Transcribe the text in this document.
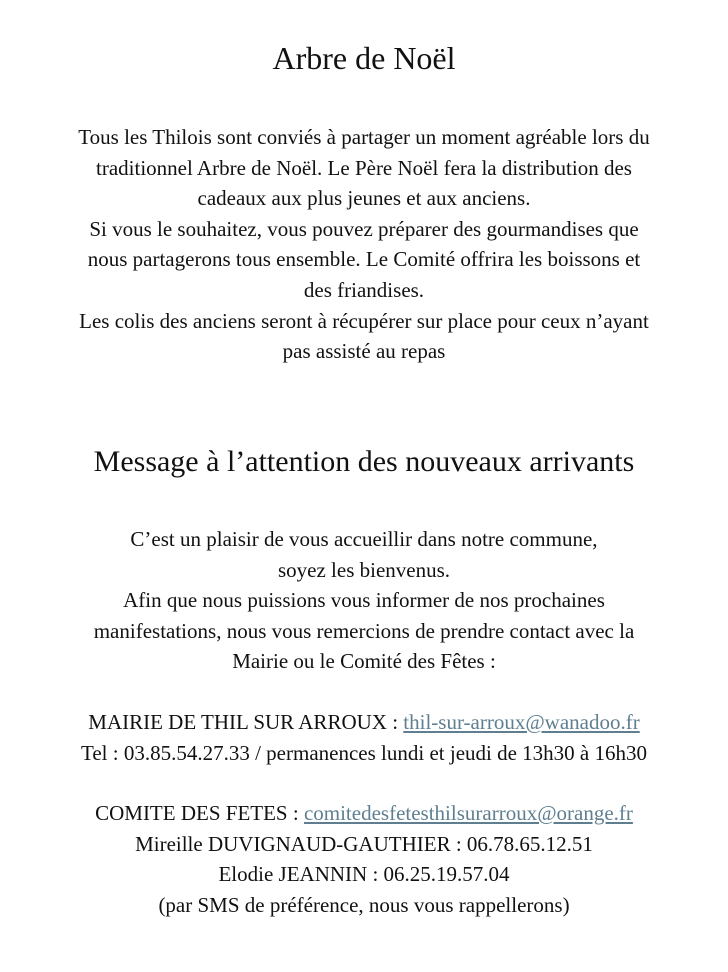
Arbre de Noël
Tous les Thilois sont conviés à partager un moment agréable lors du
traditionnel Arbre de Noël. Le Père Noël fera la distribution des
cadeaux aux plus jeunes et aux anciens.
Si vous le souhaitez, vous pouvez préparer des gourmandises que
nous partagerons tous ensemble. Le Comité offrira les boissons et
des friandises.
Les colis des anciens seront à récupérer sur place pour ceux n’ayant
pas assisté au repas
Message à l’attention des nouveaux arrivants
C’est un plaisir de vous accueillir dans notre commune,
soyez les bienvenus.
Afin que nous puissions vous informer de nos prochaines
manifestations, nous vous remercions de prendre contact avec la
Mairie ou le Comité des Fêtes :
MAIRIE DE THIL SUR ARROUX : thil-sur-arroux@wanadoo.fr
Tel : 03.85.54.27.33 / permanences lundi et jeudi de 13h30 à 16h30
COMITE DES FETES : comitedesfetesthilsurarroux@orange.fr
Mireille DUVIGNAUD-GAUTHIER : 06.78.65.12.51
Elodie JEANNIN : 06.25.19.57.04
(par SMS de préférence, nous vous rappellerons)
